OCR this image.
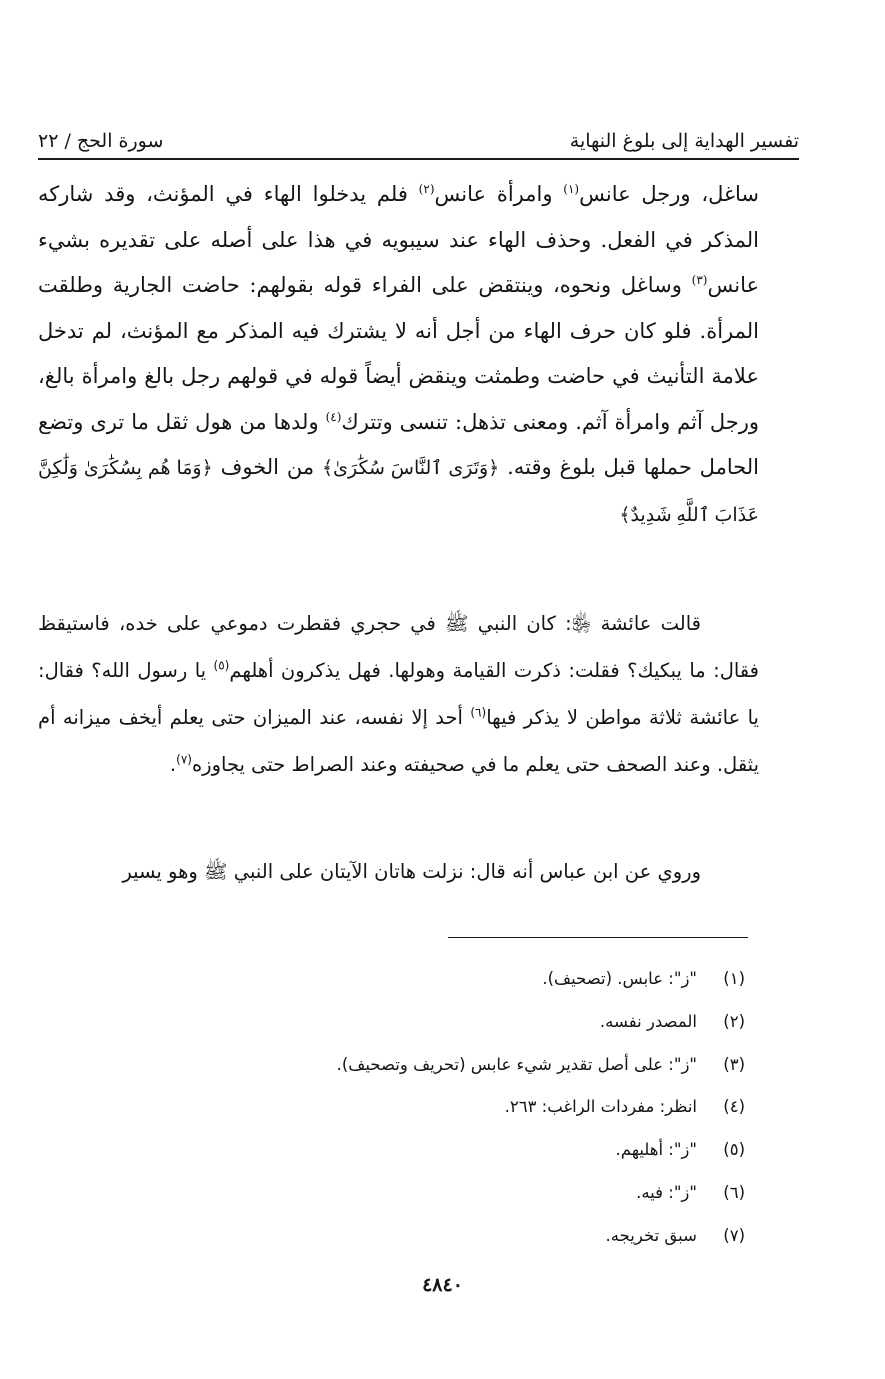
تفسير الهداية إلى بلوغ النهاية
سورة الحج / ٢٢

ساغل، ورجل عانس$^{(١)}$ وامرأة عانس$^{(٢)}$ فلم يدخلوا الهاء في المؤنث، وقد شاركه المذكر في الفعل. وحذف الهاء عند سيبويه في هذا على أصله على تقديره بشيء عانس$^{(٣)}$ وساغل ونحوه، وينتقض على الفراء قوله بقولهم: حاضت الجارية وطلقت المرأة. فلو كان حرف الهاء من أجل أنه لا يشترك فيه المذكر مع المؤنث، لم تدخل علامة التأنيث في حاضت وطمثت وينقض أيضاً قوله في قولهم رجل بالغ وامرأة بالغ، ورجل آثم وامرأة آثم. ومعنى تذهل: تنسى وتترك$^{(٤)}$ ولدها من هول ثقل ما ترى وتضع الحامل حملها قبل بلوغ وقته. ﴿وَتَرَى ٱلنَّاسَ سُكَٰرَىٰ﴾ من الخوف ﴿وَمَا هُم بِسُكَٰرَىٰ وَلَٰكِنَّ عَذَابَ ٱللَّهِ شَدِيدٌ﴾

قالت عائشة ﵂: كان النبي ﷺ في حجري فقطرت دموعي على خده، فاستيقظ فقال: ما يبكيك؟ فقلت: ذكرت القيامة وهولها. فهل يذكرون أهلهم$^{(٥)}$ يا رسول الله؟ فقال: يا عائشة ثلاثة مواطن لا يذكر فيها$^{(٦)}$ أحد إلا نفسه، عند الميزان حتى يعلم أيخف ميزانه أم يثقل. وعند الصحف حتى يعلم ما في صحيفته وعند الصراط حتى يجاوزه$^{(٧)}$.

وروي عن ابن عباس أنه قال: نزلت هاتان الآيتان على النبي ﷺ وهو يسير

(١)
"ز": عابس. (تصحيف).
(٢)
المصدر نفسه.
(٣)
"ز": على أصل تقدير شيء عابس (تحريف وتصحيف).
(٤)
انظر: مفردات الراغب: ٢٦٣.
(٥)
"ز": أهليهم.
(٦)
"ز": فيه.
(٧)
سبق تخريجه.
٤٨٤٠
